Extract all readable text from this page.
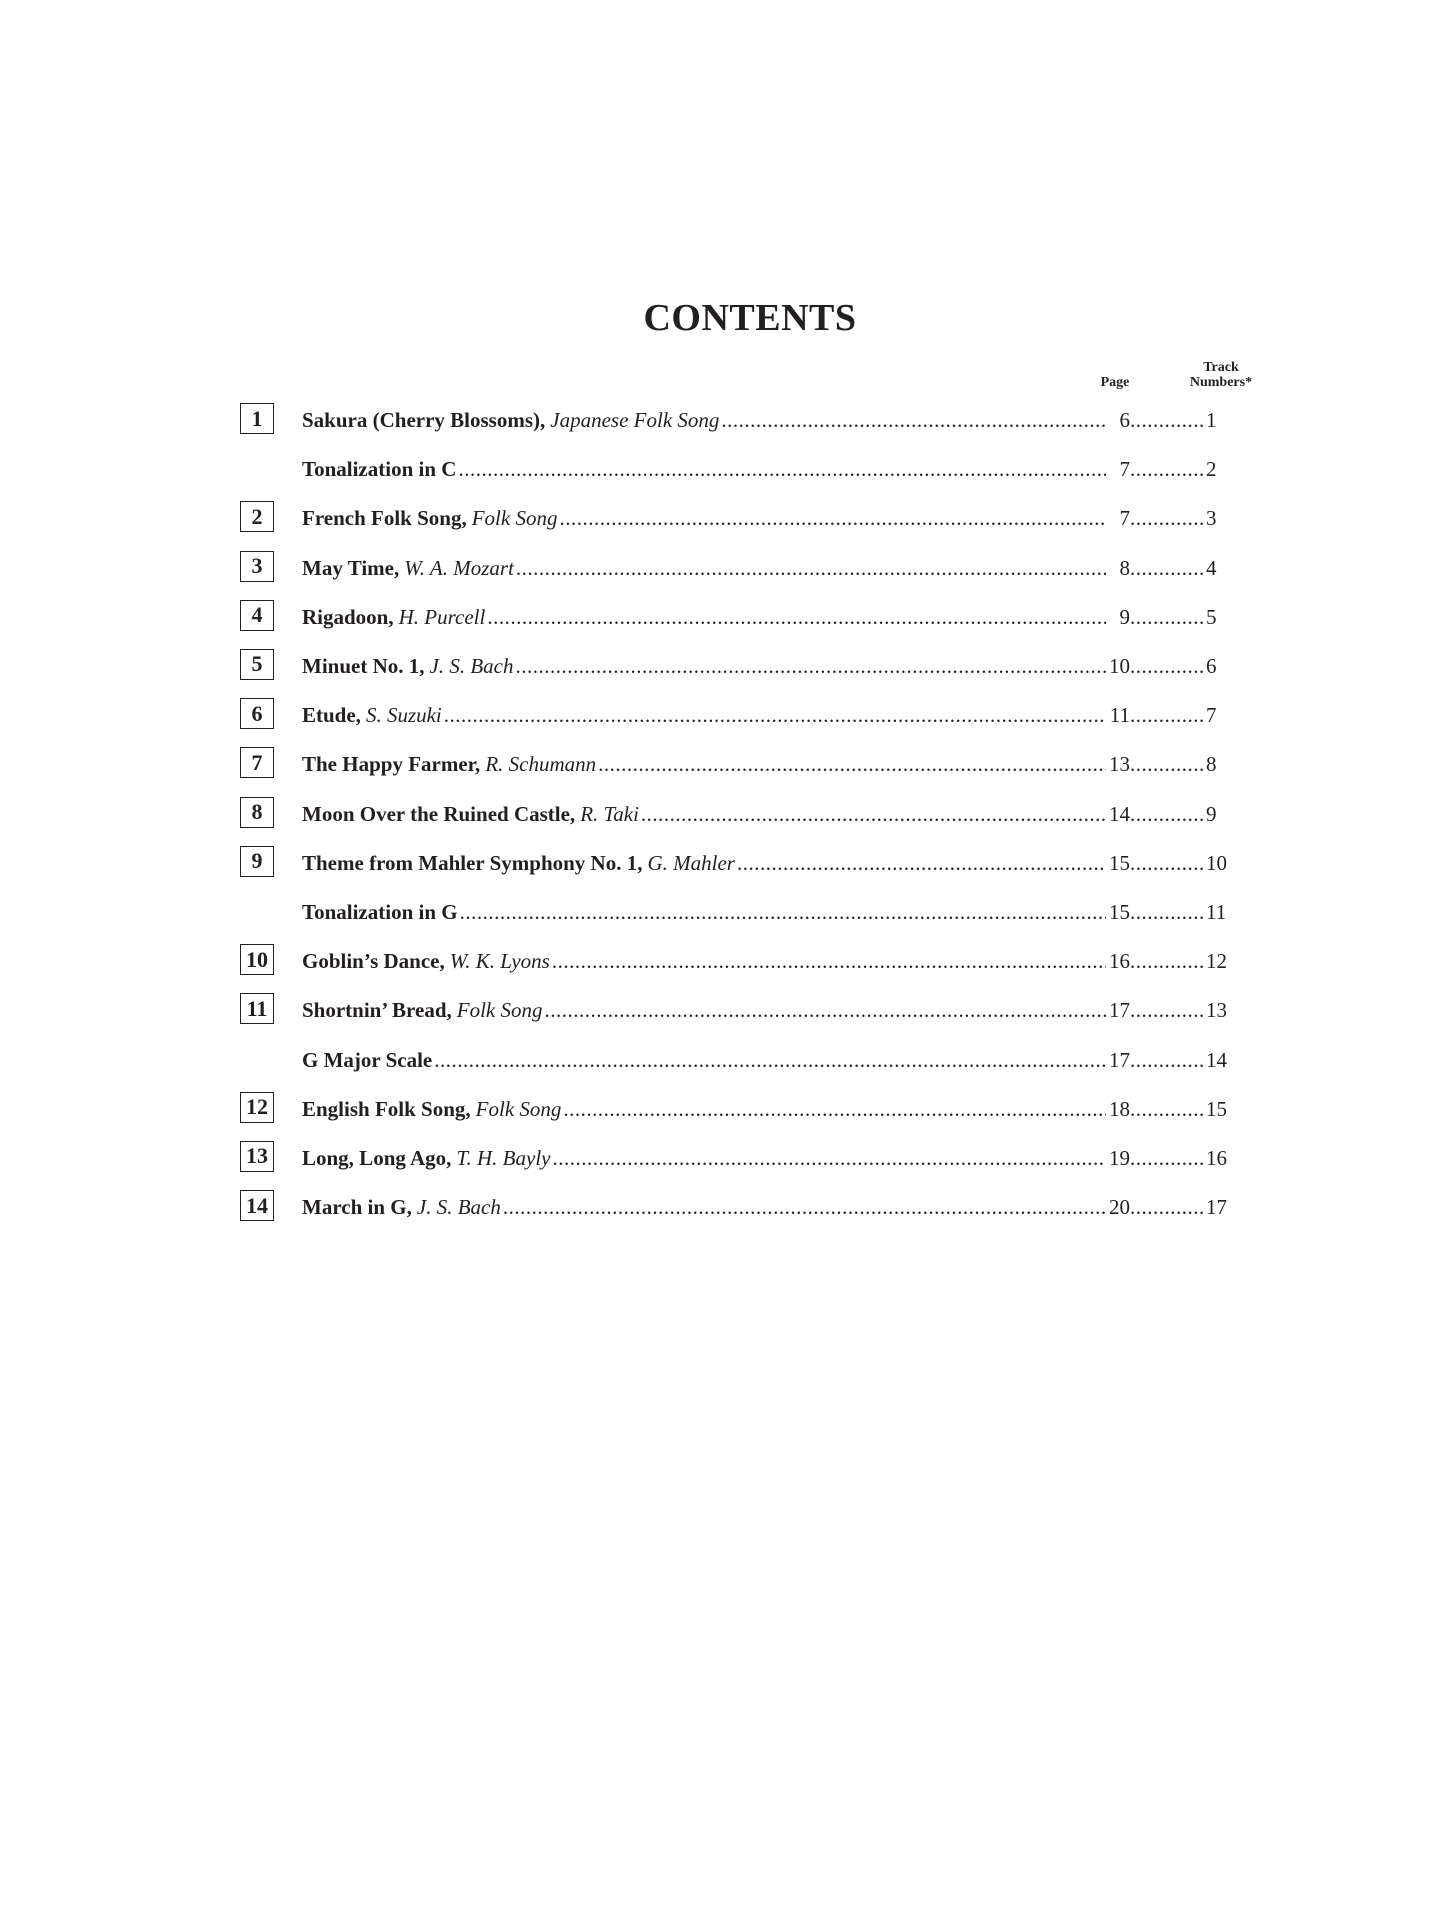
CONTENTS
Page
Track
Numbers*
1	Sakura (Cherry Blossoms), Japanese Folk Song .....	6 .....	1
Tonalization in C .....	7 .....	2
2	French Folk Song, Folk Song .....	7 .....	3
3	May Time, W. A. Mozart .....	8 .....	4
4	Rigadoon, H. Purcell .....	9 .....	5
5	Minuet No. 1, J. S. Bach .....	10 .....	6
6	Etude, S. Suzuki .....	11 .....	7
7	The Happy Farmer, R. Schumann .....	13 .....	8
8	Moon Over the Ruined Castle, R. Taki .....	14 .....	9
9	Theme from Mahler Symphony No. 1, G. Mahler .....	15 .....	10
Tonalization in G .....	15 .....	11
10 Goblin’s Dance, W. K. Lyons .....	16 .....	12
11	Shortnin’ Bread, Folk Song .....	17 .....	13
G Major Scale .....	17 .....	14
12 English Folk Song, Folk Song .....	18 .....	15
13 Long, Long Ago, T. H. Bayly .....	19 .....	16
14 March in G, J. S. Bach .....	20 .....	17
